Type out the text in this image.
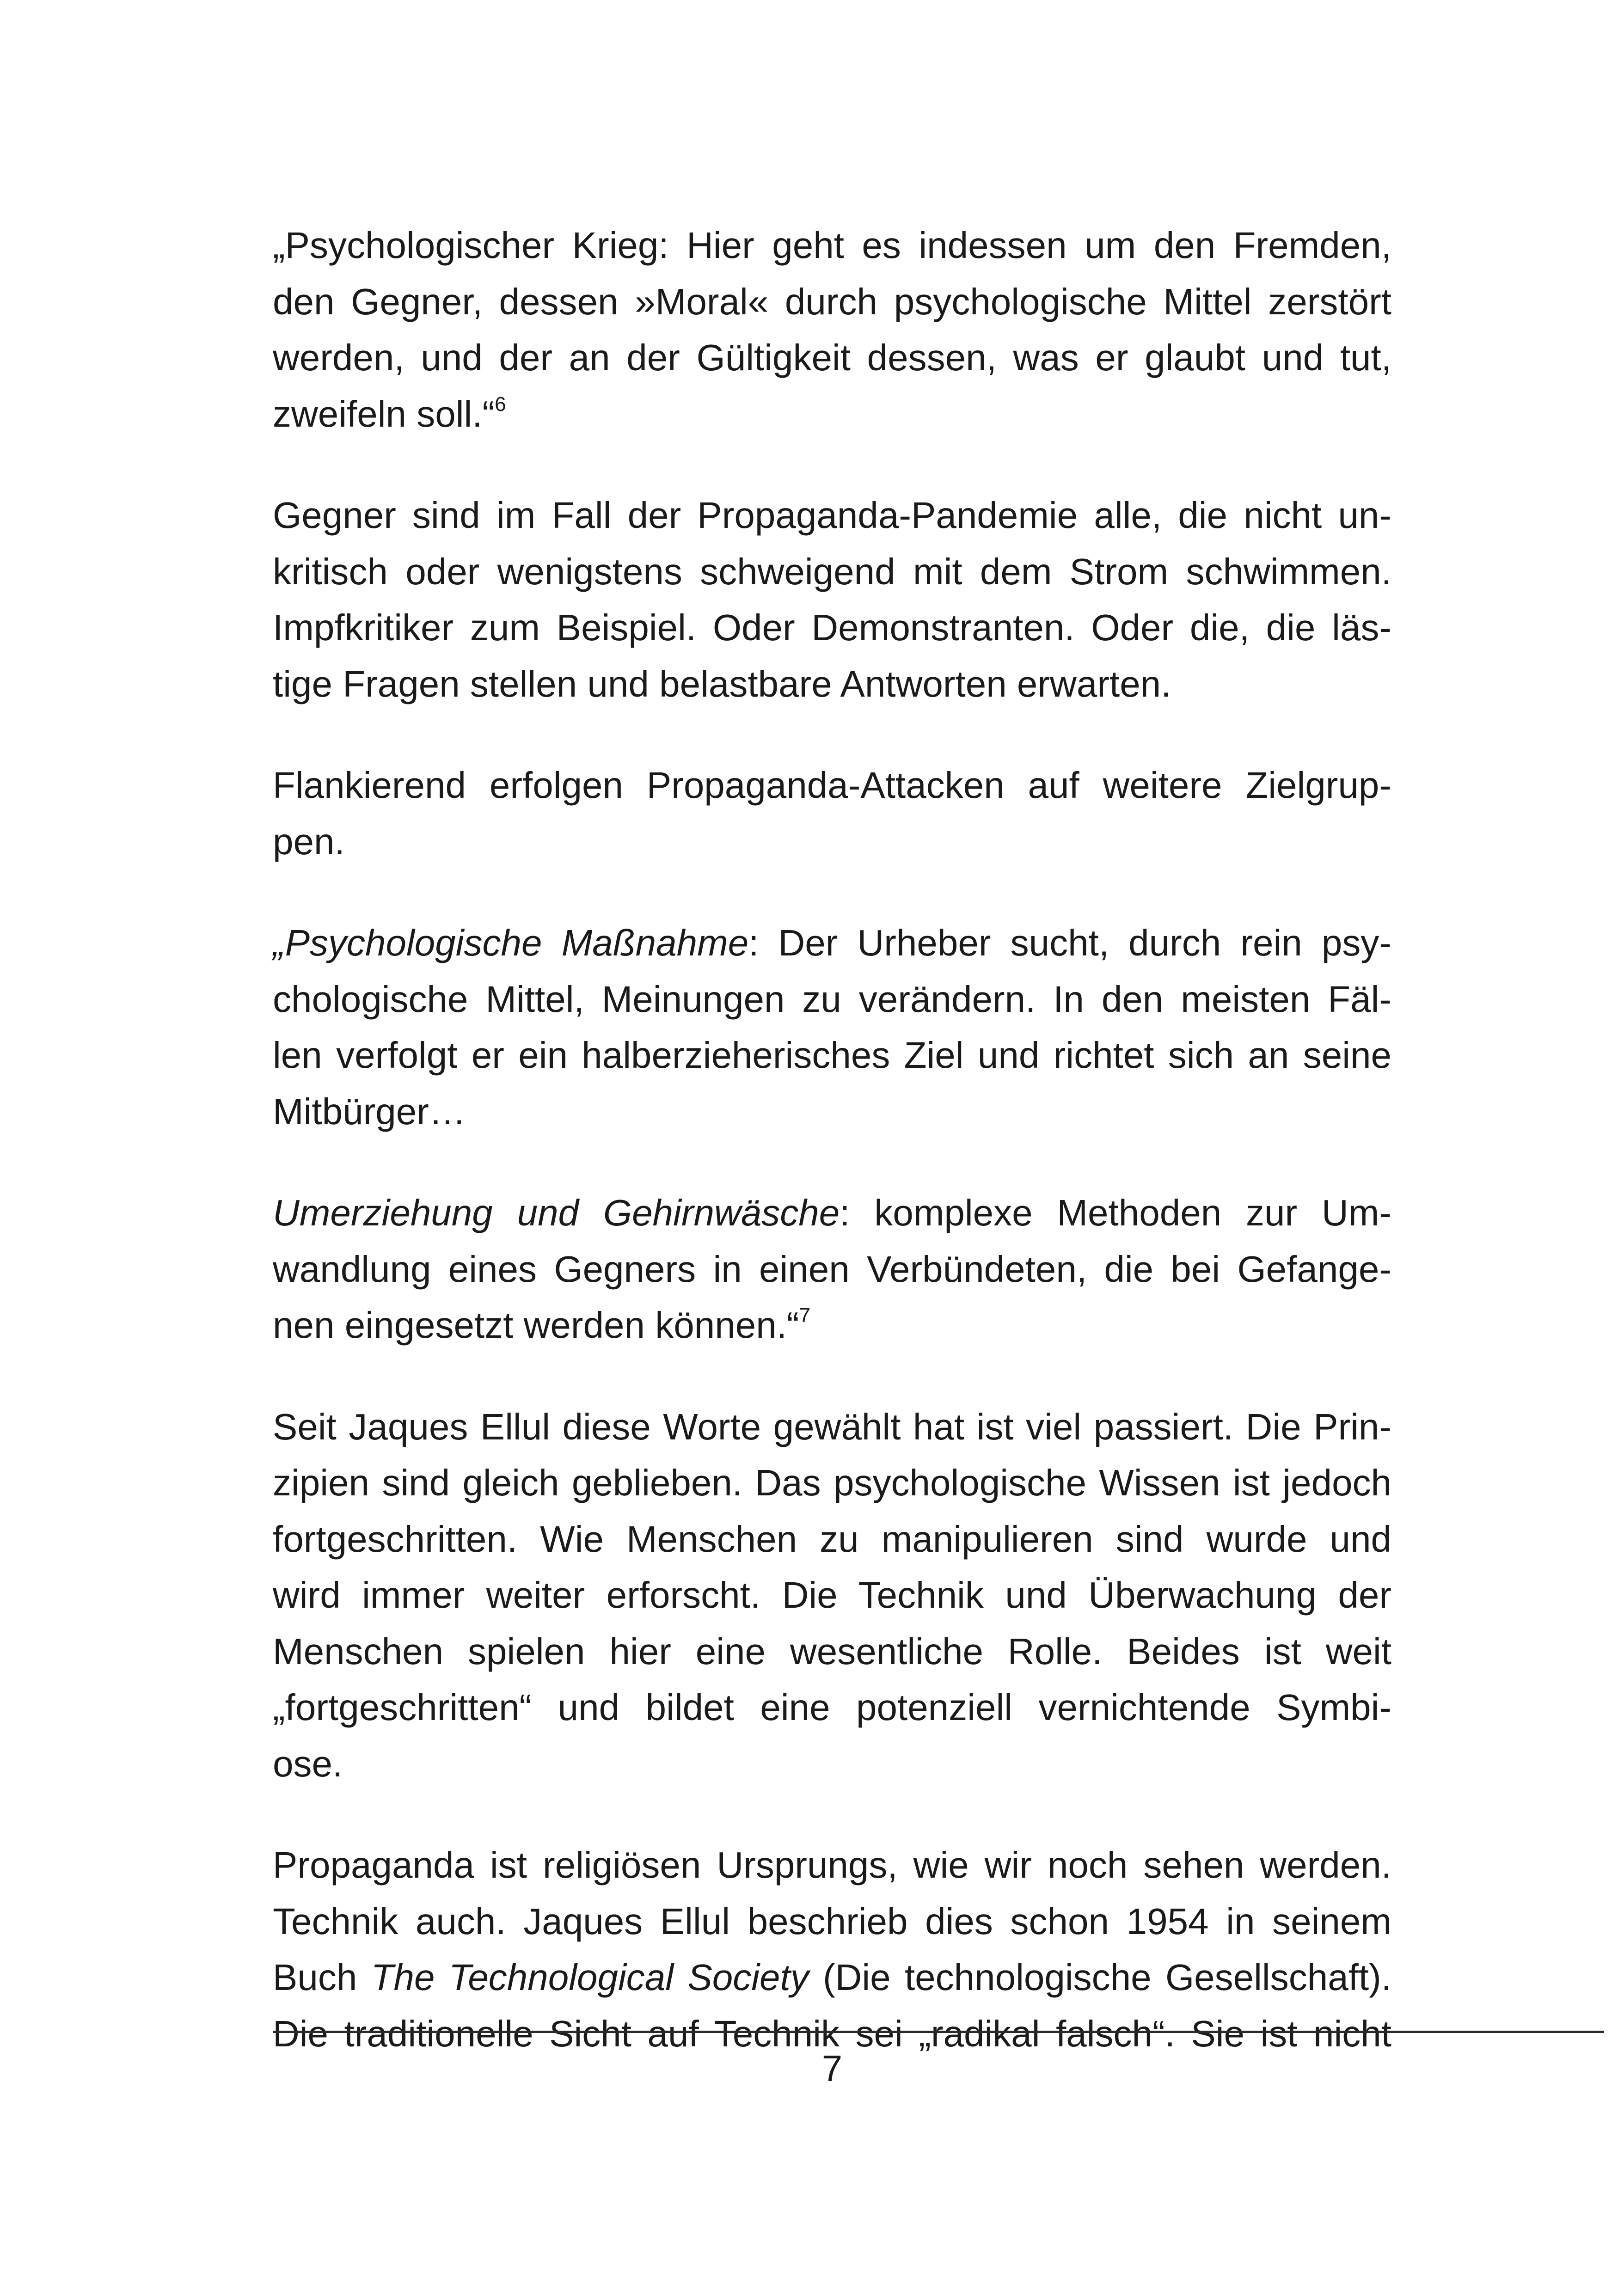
„Psychologischer Krieg: Hier geht es indessen um den Fremden,
den Gegner, dessen »Moral« durch psychologische Mittel zerstört
werden, und der an der Gültigkeit dessen, was er glaubt und tut,
zweifeln soll.“$^6$

Gegner sind im Fall der Propaganda-Pandemie alle, die nicht un-
kritisch oder wenigstens schweigend mit dem Strom schwimmen.
Impfkritiker zum Beispiel. Oder Demonstranten. Oder die, die läs-
tige Fragen stellen und belastbare Antworten erwarten.

Flankierend erfolgen Propaganda-Attacken auf weitere Zielgrup-
pen.

„Psychologische Maßnahme: Der Urheber sucht, durch rein psy-
chologische Mittel, Meinungen zu verändern. In den meisten Fäl-
len verfolgt er ein halberzieherisches Ziel und richtet sich an seine
Mitbürger…

Umerziehung und Gehirnwäsche: komplexe Methoden zur Um-
wandlung eines Gegners in einen Verbündeten, die bei Gefange-
nen eingesetzt werden können.“$^7$

Seit Jaques Ellul diese Worte gewählt hat ist viel passiert. Die Prin-
zipien sind gleich geblieben. Das psychologische Wissen ist jedoch
fortgeschritten. Wie Menschen zu manipulieren sind wurde und
wird immer weiter erforscht. Die Technik und Überwachung der
Menschen spielen hier eine wesentliche Rolle. Beides ist weit
„fortgeschritten“ und bildet eine potenziell vernichtende Symbi-
ose.

Propaganda ist religiösen Ursprungs, wie wir noch sehen werden.
Technik auch. Jaques Ellul beschrieb dies schon 1954 in seinem
Buch The Technological Society (Die technologische Gesellschaft).
Die traditionelle Sicht auf Technik sei „radikal falsch“. Sie ist nicht

7
